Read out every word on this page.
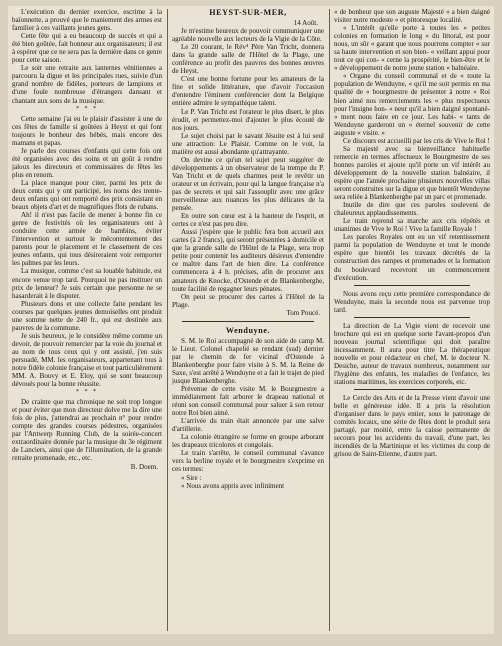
L'exécution du dernier exercice, escrime à la baïonnette, a prouvé que le maniement des armes est familier à ces vaillants jeunes gens.

Cette fête qui a eu beaucoup de succès et qui a été bien goûtée, fait honneur aux organisateurs; il est à espérer que ce ne sera pas la dernière dans ce genre pour cette saison.

Le soir une retraite aux lanternes vénitiennes a parcouru la digue et les principales rues, suivie d'un grand nombre de fidèles, porteurs de lampions et d'une foule nombreuse d'étrangers dansant et chantant aux sons de la musique.

* * *

Cette semaine j'ai eu le plaisir d'assister à une de ces fêtes de famille si goûtées à Heyst et qui font toujours le bonheur des bébés, mais encore des mamans et papas.

Je parle des courses d'enfants qui cette fois ont été organisées avec des soins et un goût à rendre jaloux les directeurs et commissaires de fêtes les plus en renom.

La place manque pour citer, parmi les prix de deux cents qui y ont participé, les noms des trente-deux enfants qui ont remporté des prix consistant en beaux objets d'art et de magnifiques flots de rubans.

Ah! il n'est pas facile de mener à bonne fin ce genre de festivités où les organisateurs ont à conduire cette armée de bambins, éviter l'intervention et surtout le mécontentement des parents pour le placement et le classement de ces jeunes enfants, qui tous désireraient voir remporter les palmes par les leurs.

La musique, comme c'est sa louable habitude, est encore venue trop tard. Pourquoi ne pas instituer un prix de lenteur? Je suis certain que personne ne se hasarderait à le disputer.

Plusieurs dons et une collecte faite pendant les courses par quelques jeunes demoiselles ont produit une somme nette de 240 fr., qui est destinée aux pauvres de la commune.

Je suis heureux, je le considère même comme un devoir, de pouvoir remercier par la voie du journal et au nom de tous ceux qui y ont assisté, j'en suis persuadé, MM. les organisateurs, appartenant tous à notre fidèle colonie française et tout particulièrement MM. A. Bouvy et E. Eloy, qui se sont beaucoup dévoués pour la bonne réussite.

* * *

De crainte que ma chronique ne soit trop longue et pour éviter que mon directeur dolve me la dire une fois de plus, j'attendrai au prochain n° pour rendre compte des grandes courses pédestres, organisées par l'Antwerp Running Club, de la soirée-concert extraordinaire donnée par la musique du 3e régiment de Lanciers, ainsi que de l'illumination, de la grande retraite promenade, etc., etc.

B. Doem.
HEYST-SUR-MER,
14 Août.

Je m'estime heureux de pouvoir communiquer une agréable nouvelle aux lecteurs de la Vigie de la Côte.

Le 20 courant, le Rév⁴ Père Van Tricht, donnera dans la grande salle de l'Hôtel de la Plage, une conférence au profit des pauvres des bonnes œuvres de Heyst.

C'est une bonne fortune pour les amateurs de la fine et solide littérature, que d'avoir l'occasion d'entendre l'éminent conférencier dont la Belgique entière admire le sympathique talent.

Le P. Van Tricht est l'orateur le plus disert, le plus érudit, et permettez-moi d'ajouter le plus écouté de nos jours.

Le sujet choisi par le savant Jésuite est à lui seul une attraction: Le Plaisir. Comme on le voit, la matière est aussi abondante qu'attrayante.

On devine ce qu'un tel sujet peut suggérer de développements à un observateur de la trempe du P. Van Tricht et de quels charmes peut le revêtir un orateur et un écrivain, pour qui la langue française n'a pas de secrets et qui sait l'assouplir avec une grâce merveilleuse aux nuances les plus délicates de la pensée.

En outre son cœur est à la hauteur de l'esprit, et certes ce n'est pas peu dire.

Aussi j'espère que le public fera bon accueil aux cartes (à 2 francs), qui seront présentées à domicile et que la grande salle de l'Hôtel de la Plage, sera trop petite pour contenir les auditeurs désireux d'entendre ce maître dans l'art de bien dire. La conférence commencera à 4 h. précises, afin de procurer aux amateurs de Knocke, d'Ostende et de Blankenberghe, toute facilité de regagner leurs pénates.

On peut se procurer des cartes à l'Hôtel de la Plage.

Tom Poucé.
Wenduyne.

S. M. le Roi accompagné de son aide de camp M. le Lieut. Colonel chapelié se rendant (sud) dernier par le chemin de fer vicinal d'Ostende à Blankenberghe pour faire visite à S. M. la Reine de Saxe, s'est arrêté à Wenduyne et a fait le trajet de pied jusque Blankenberghe.

Prévenue de cette visite M. le Bourgmestre a immédiatement fait arborer le drapeau national et réuni son conseil communal pour saluer à son retour notre Roi bien aimé.

L'arrivée du train était annoncée par une salve d'artillerie.

La colonie étrangère se forme en groupe arborant les drapeaux tricolores et congolais.

Le train s'arrête, le conseil communal s'avance vers la berline royale et le bourgmestre s'exprime en ces termes:

« Sire :

« Nous avons appris avec infiniment

« de bonheur que son auguste Majesté « a bien daigné visiter notre modeste « et pittoresque localité.

« L'intérêt qu'elle porte à toutes les « petites colonies en formation le long « du littoral, est pour nous, un sûr « garant que nous pourrons compter « sur sa haute intervention et son bien- « veillant appui pour tout ce qui con- « cerne la prospérité, le bien-être et le « développement de notre jeune station « balnéaire.

« Organe du conseil communal et de « toute la population de Wenduyne, « qu'il me soit permis en ma qualité de « bourgmestre de présenter à notre « Roi bien aimé nos remerciements les « plus respectueux pour l'insigne hon- « neur qu'il a bien daigné spontané- « ment nous faire en ce jour. Les habi- « tants de Wenduyne garderont un « éternel souvenir de cette auguste « visite. »

Ce discours est accueilli par les cris de Vive le Roi !

Sa majesté avec sa bienveillance habituelle remercie en termes affectueux le Bourgmestre de ses bonnes paroles et ajoute qu'il porte un vif intérêt au développement de la nouvelle station balnéaire, il espère que l'année prochaine plusieurs nouvelles villas seront construites sur la digue et que bientôt Wenduyne sera reliée à Blankenberghe par un parc et promenade.

Inutile de dire que ces paroles souleveni de chaleureux applaudissements.

Le train reprend sa marche aux cris répétés et unanimes de Vive le Roi ! Vive la famille Royale !

Les paroles Royales ont eu un vif retentissement parmi la population de Wenduyne et tout le monde espère que bientôt les travaux décrétés de la construction des rampes et promenades et la formation du boulevard recevront un commencement d'exécution.

Nous avons reçu cette première correspondance de Wenduyne, mais la seconde nous est parvenue trop tard.

La direction de La Vigie vient de recevoir une brochure qui est en quelque sorte l'avant-propos d'un nouveau journal scientifique qui doit paraître incessamment. Il aura pour titre La thérapeutique nouvelle et pour rédacteur en chef, M. le docteur N. Desiche, auteur de travaux nombreux, notamment sur l'hygiène des enfants, les maladies de l'enfance, les stations maritimes, les exercices corporels, etc.

Le Cercle des Arts et de la Presse vient d'avoir une belle et généreuse idée. Il a pris la résolution d'organiser dans le pays entier, sous le patronage de comités locaux, une série de fêtes dont le produit sera partagé, par moitié, entre la caisse permanente de secours pour les accidents du travail, d'une part, les incendiés de la Martinique et les victimes du coup de grisou de Saint-Etienne, d'autre part.
